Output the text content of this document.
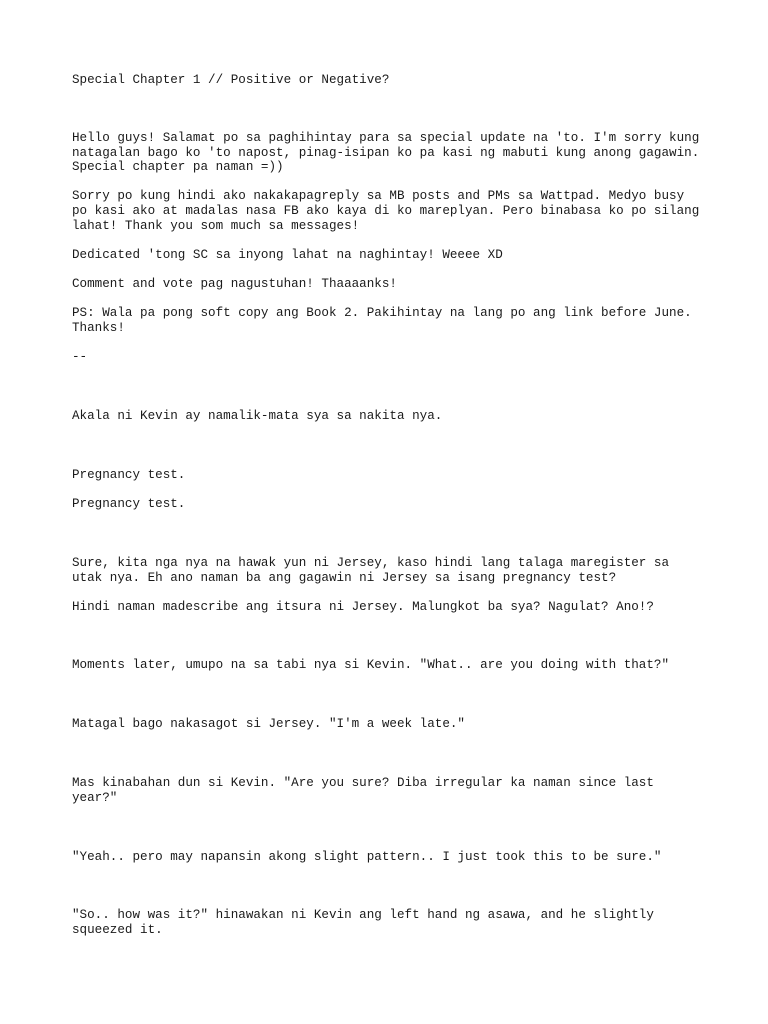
Special Chapter 1 // Positive or Negative?
Hello guys! Salamat po sa paghihintay para sa special update na 'to. I'm sorry kung
natagalan bago ko 'to napost, pinag-isipan ko pa kasi ng mabuti kung anong gagawin.
Special chapter pa naman =))
Sorry po kung hindi ako nakakapagreply sa MB posts and PMs sa Wattpad. Medyo busy
po kasi ako at madalas nasa FB ako kaya di ko mareplyan. Pero binabasa ko po silang
lahat! Thank you som much sa messages!
Dedicated 'tong SC sa inyong lahat na naghintay! Weeee XD
Comment and vote pag nagustuhan! Thaaaanks!
PS: Wala pa pong soft copy ang Book 2. Pakihintay na lang po ang link before June.
Thanks!
--
Akala ni Kevin ay namalik-mata sya sa nakita nya.
Pregnancy test.
Pregnancy test.
Sure, kita nga nya na hawak yun ni Jersey, kaso hindi lang talaga maregister sa
utak nya. Eh ano naman ba ang gagawin ni Jersey sa isang pregnancy test?
Hindi naman madescribe ang itsura ni Jersey. Malungkot ba sya? Nagulat? Ano!?
Moments later, umupo na sa tabi nya si Kevin. "What.. are you doing with that?"
Matagal bago nakasagot si Jersey. "I'm a week late."
Mas kinabahan dun si Kevin. "Are you sure? Diba irregular ka naman since last
year?"
"Yeah.. pero may napansin akong slight pattern.. I just took this to be sure."
"So.. how was it?" hinawakan ni Kevin ang left hand ng asawa, and he slightly
squeezed it.
